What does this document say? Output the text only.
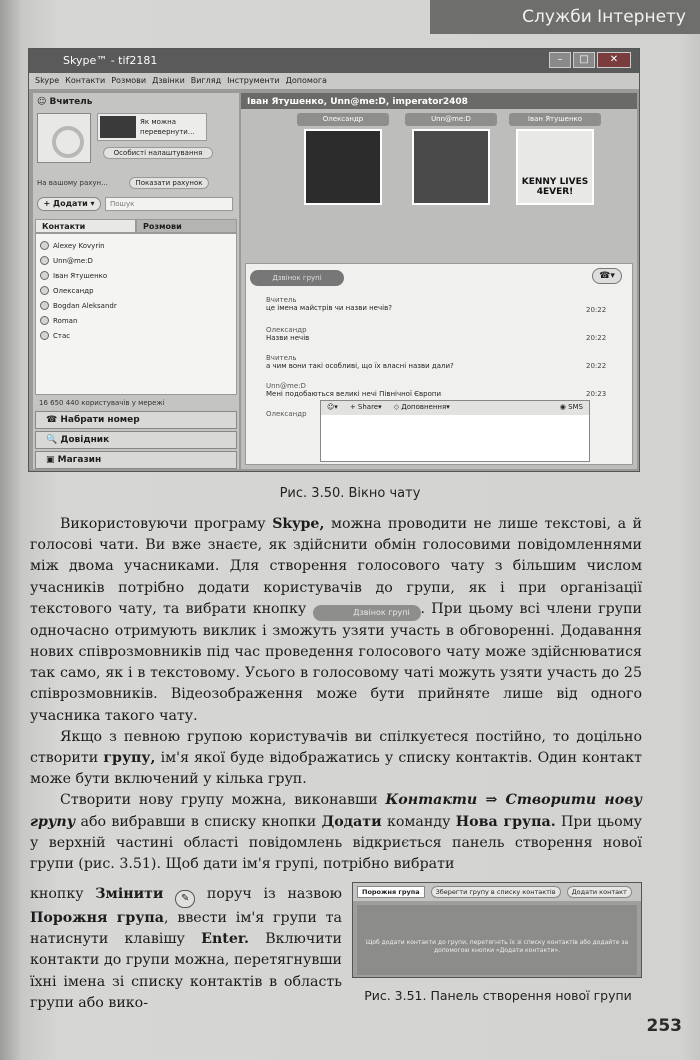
Служби Інтернету
Skype™ - tif2181	–	□	✕
Skype Контакти Розмови Дзвінки Вигляд Інструменти Допомога
☺ Вчитель
Як можна перевернути...
Особисті налаштування
На вашому рахун...	Показати рахунок
+ Додати ▾	Пошук
Контакти	Розмови
Alexey Kovyrin
Unn@me:D
Іван Ятушенко
Олександр
Bogdan Aleksandr
Roman
Стас
16 650 440 користувачів у мережі
☎ Набрати номер
🔍 Довідник
▣ Магазин
Іван Ятушенко, Unn@me:D, imperator2408
Олександр	Unn@me:D	Іван Ятушенко
KENNY LIVES 4EVER!
Дзвінок групі	☎▾
Вчитель
це імена майстрів чи назви нечів?	20:22
Олександр
Назви нечів	20:22
Вчитель
а чим вони такі особливі, що їх власні назви дали?	20:22
Unn@me:D
Мені подобаються великі нечі Північної Європи	20:23
Олександр
☺▾ + Share▾ ◇ Доповнення▾	◉ SMS
Рис. 3.50. Вікно чату

Використовуючи програму Skype, можна проводити не лише текстові, а й голосові чати. Ви вже знаєте, як здійснити обмін голосовими повідомленнями між двома учасниками. Для створення голосового чату з більшим числом учасників потрібно додати користувачів до групи, як і при організації текстового чату, та вибрати кнопку	Дзвінок групі . При цьому всі члени групи одночасно отримують виклик і зможуть узяти участь в обговоренні. Додавання нових співрозмовників під час проведення голосового чату може здійснюватися так само, як і в текстовому. Усього в голосовому чаті можуть узяти участь до 25 співрозмовників. Відеозображення може бути прийняте лише від одного учасника такого чату.

Якщо з певною групою користувачів ви спілкуєтеся постійно, то доцільно створити групу, ім'я якої буде відображатись у списку контактів. Один контакт може бути включений у кілька груп.

Створити нову групу можна, виконавши Контакти ⇒ Створити нову групу або вибравши в списку кнопки Додати команду Нова група. При цьому у верхній частині області повідомлень відкриється панель створення нової групи (рис. 3.51). Щоб дати ім'я групі, потрібно вибрати

кнопку Змінити ✎ поруч із назвою Порожня група, ввести ім'я групи та натиснути клавішу Enter. Включити контакти до групи можна, перетягнувши їхні імена зі списку контактів в область групи або вико-

Порожня група	Зберегти групу в списку контактів	Додати контакт
Щоб додати контакти до групи, перетягніть їх зі списку контактів або додайте за допомогою кнопки «Додати контакти».
Рис. 3.51. Панель створення нової групи
253
